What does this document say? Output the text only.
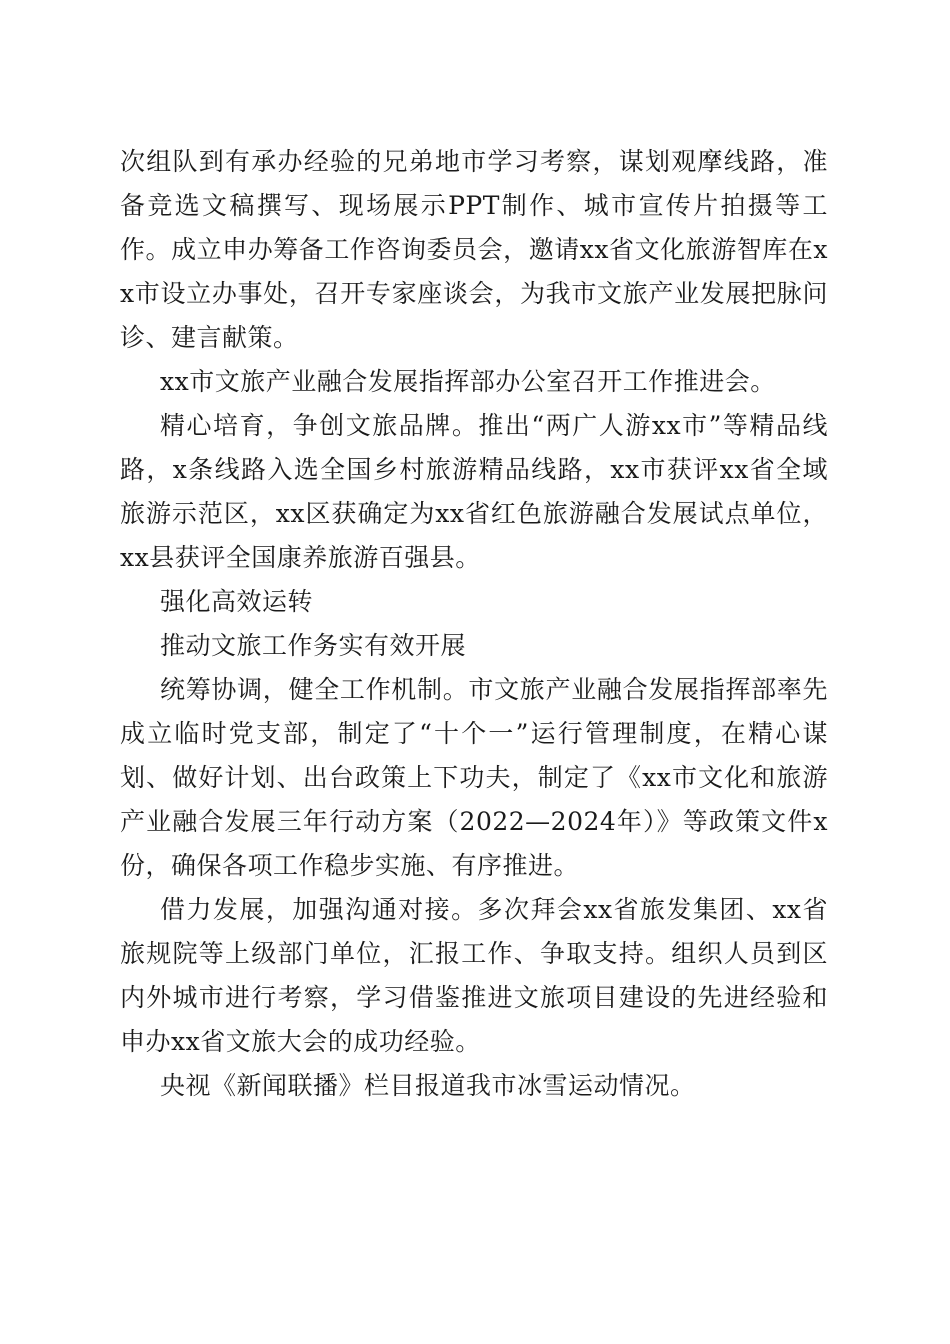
次组队到有承办经验的兄弟地市学习考察，谋划观摩线路，准备竞选文稿撰写、现场展示PPT制作、城市宣传片拍摄等工作。成立申办筹备工作咨询委员会，邀请xx省文化旅游智库在xx市设立办事处，召开专家座谈会，为我市文旅产业发展把脉问诊、建言献策。

xx市文旅产业融合发展指挥部办公室召开工作推进会。

精心培育，争创文旅品牌。推出“两广人游xx市”等精品线路，x条线路入选全国乡村旅游精品线路，xx市获评xx省全域旅游示范区，xx区获确定为xx省红色旅游融合发展试点单位，xx县获评全国康养旅游百强县。

强化高效运转

推动文旅工作务实有效开展

统筹协调，健全工作机制。市文旅产业融合发展指挥部率先成立临时党支部，制定了“十个一”运行管理制度，在精心谋划、做好计划、出台政策上下功夫，制定了《xx市文化和旅游产业融合发展三年行动方案（2022—2024年）》等政策文件x份，确保各项工作稳步实施、有序推进。

借力发展，加强沟通对接。多次拜会xx省旅发集团、xx省旅规院等上级部门单位，汇报工作、争取支持。组织人员到区内外城市进行考察，学习借鉴推进文旅项目建设的先进经验和申办xx省文旅大会的成功经验。

央视《新闻联播》栏目报道我市冰雪运动情况。
